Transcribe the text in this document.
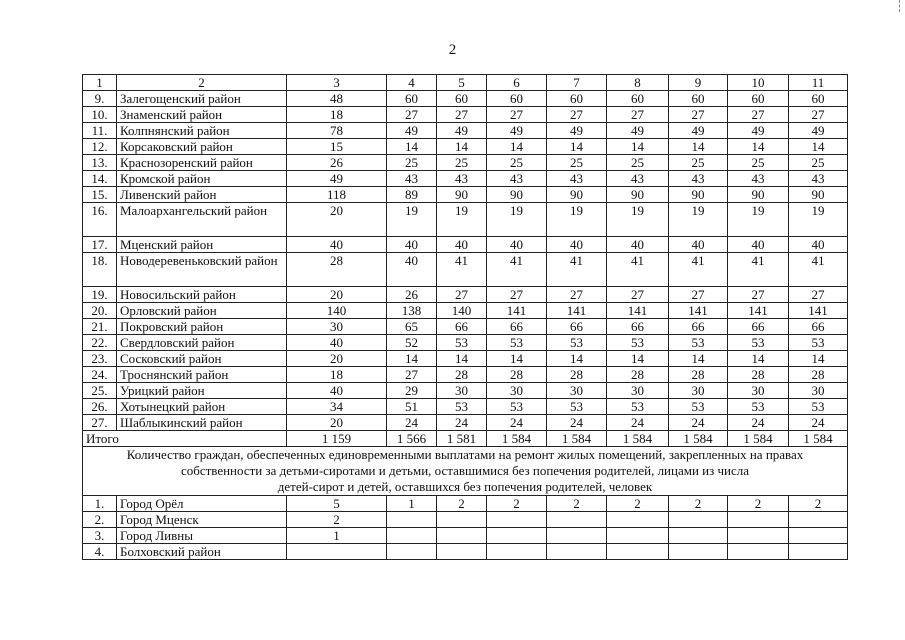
2
1	2	3	4	5	6	7	8	9	10	11
9.	Залегощенский район	48	60	60	60	60	60	60	60	60
10.	Знаменский район	18	27	27	27	27	27	27	27	27
11.	Колпнянский район	78	49	49	49	49	49	49	49	49
12.	Корсаковский район	15	14	14	14	14	14	14	14	14
13.	Краснозоренский район	26	25	25	25	25	25	25	25	25
14.	Кромской район	49	43	43	43	43	43	43	43	43
15.	Ливенский район	118	89	90	90	90	90	90	90	90
16.	Малоархангельский район	20	19	19	19	19	19	19	19	19
17.	Мценский район	40	40	40	40	40	40	40	40	40
18.	Новодеревеньковский район	28	40	41	41	41	41	41	41	41
19.	Новосильский район	20	26	27	27	27	27	27	27	27
20.	Орловский район	140	138	140	141	141	141	141	141	141
21.	Покровский район	30	65	66	66	66	66	66	66	66
22.	Свердловский район	40	52	53	53	53	53	53	53	53
23.	Сосковский район	20	14	14	14	14	14	14	14	14
24.	Троснянский район	18	27	28	28	28	28	28	28	28
25.	Урицкий район	40	29	30	30	30	30	30	30	30
26.	Хотынецкий район	34	51	53	53	53	53	53	53	53
27.	Шаблыкинский район	20	24	24	24	24	24	24	24	24
Итого		1 159	1 566	1 581	1 584	1 584	1 584	1 584	1 584	1 584

Количество граждан, обеспеченных единовременными выплатами на ремонт жилых помещений, закрепленных на правах
собственности за детьми-сиротами и детьми, оставшимися без попечения родителей, лицами из числа
детей-сирот и детей, оставшихся без попечения родителей, человек										

1.	Город Орёл	5	1	2	2	2	2	2	2	2
2.	Город Мценск	2								
3.	Город Ливны	1								
4.	Болховский район									
